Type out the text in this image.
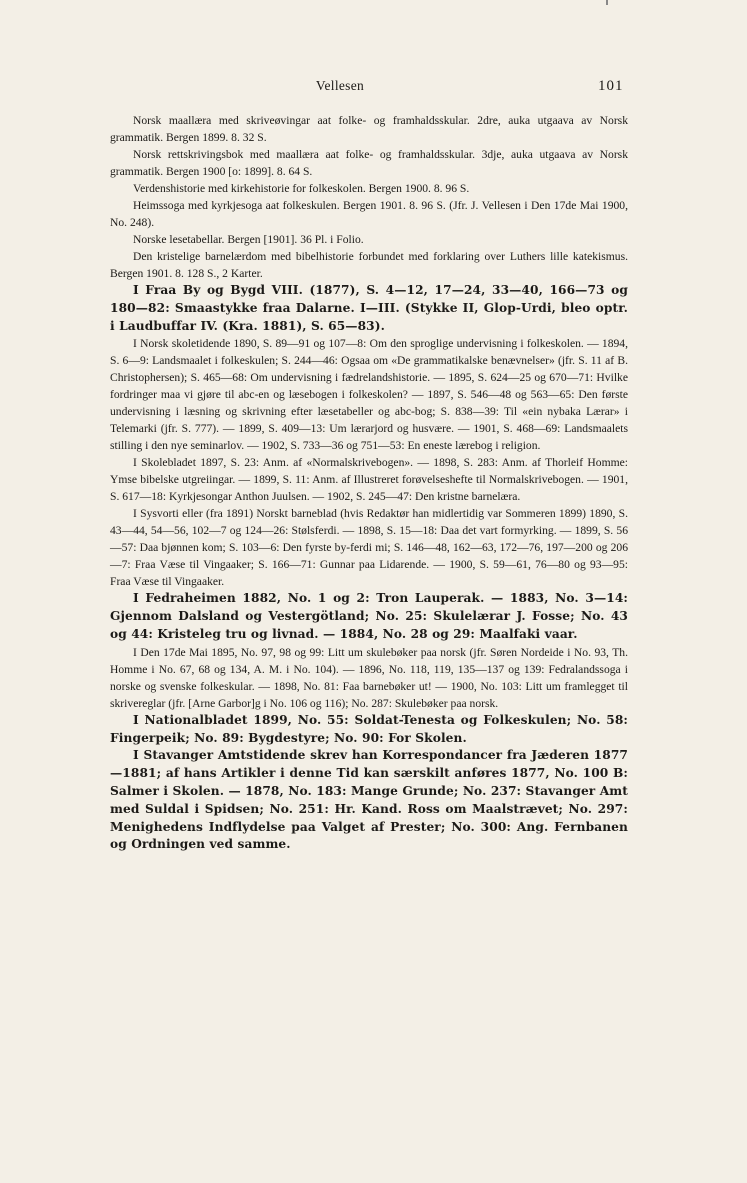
Vellesen	101

Norsk maallæra med skriveøvingar aat folke- og framhaldsskular. 2dre, auka utgaava av Norsk grammatik. Bergen 1899. 8. 32 S.

Norsk rettskrivingsbok med maallæra aat folke- og framhaldsskular. 3dje, auka utgaava av Norsk grammatik. Bergen 1900 [o: 1899]. 8. 64 S.

Verdenshistorie med kirkehistorie for folkeskolen. Bergen 1900. 8. 96 S.

Heimssoga med kyrkjesoga aat folkeskulen. Bergen 1901. 8. 96 S. (Jfr. J. Vellesen i Den 17de Mai 1900, No. 248).

Norske lesetabellar. Bergen [1901]. 36 Pl. i Folio.

Den kristelige barnelærdom med bibelhistorie forbundet med forklaring over Luthers lille katekismus. Bergen 1901. 8. 128 S., 2 Karter.

I Fraa By og Bygd VIII. (1877), S. 4—12, 17—24, 33—40, 166—73 og 180—82: Smaastykke fraa Dalarne. I—III. (Stykke II, Glop-Urdi, bleo optr. i Laudbuffar IV. (Kra. 1881), S. 65—83).

I Norsk skoletidende 1890, S. 89—91 og 107—8: Om den sproglige undervisning i folkeskolen. — 1894, S. 6—9: Landsmaalet i folkeskulen; S. 244—46: Ogsaa om «De grammatikalske benævnelser» (jfr. S. 11 af B. Christophersen); S. 465—68: Om undervisning i fædrelandshistorie. — 1895, S. 624—25 og 670—71: Hvilke fordringer maa vi gjøre til abc-en og læsebogen i folkeskolen? — 1897, S. 546—48 og 563—65: Den første undervisning i læsning og skrivning efter læsetabeller og abc-bog; S. 838—39: Til «ein nybaka Lærar» i Telemarki (jfr. S. 777). — 1899, S. 409—13: Um lærarjord og husvære. — 1901, S. 468—69: Landsmaalets stilling i den nye seminarlov. — 1902, S. 733—36 og 751—53: En eneste lærebog i religion.

I Skolebladet 1897, S. 23: Anm. af «Normalskrivebogen». — 1898, S. 283: Anm. af Thorleif Homme: Ymse bibelske utgreiingar. — 1899, S. 11: Anm. af Illustreret forøvelseshefte til Normalskrivebogen. — 1901, S. 617—18: Kyrkjesongar Anthon Juulsen. — 1902, S. 245—47: Den kristne barnelæra.

I Sysvorti eller (fra 1891) Norskt barneblad (hvis Redaktør han midlertidig var Sommeren 1899) 1890, S. 43—44, 54—56, 102—7 og 124—26: Stølsferdi. — 1898, S. 15—18: Daa det vart formyrking. — 1899, S. 56—57: Daa bjønnen kom; S. 103—6: Den fyrste by-ferdi mi; S. 146—48, 162—63, 172—76, 197—200 og 206—7: Fraa Væse til Vingaaker; S. 166—71: Gunnar paa Lidarende. — 1900, S. 59—61, 76—80 og 93—95: Fraa Væse til Vingaaker.

I Fedraheimen 1882, No. 1 og 2: Tron Lauperak. — 1883, No. 3—14: Gjennom Dalsland og Vestergötland; No. 25: Skulelærar J. Fosse; No. 43 og 44: Kristeleg tru og livnad. — 1884, No. 28 og 29: Maalfaki vaar.

I Den 17de Mai 1895, No. 97, 98 og 99: Litt um skulebøker paa norsk (jfr. Søren Nordeide i No. 93, Th. Homme i No. 67, 68 og 134, A. M. i No. 104). — 1896, No. 118, 119, 135—137 og 139: Fedralandssoga i norske og svenske folkeskular. — 1898, No. 81: Faa barnebøker ut! — 1900, No. 103: Litt um framlegget til skrivereglar (jfr. [Arne Garbor]g i No. 106 og 116); No. 287: Skulebøker paa norsk.

I Nationalbladet 1899, No. 55: Soldat-Tenesta og Folkeskulen; No. 58: Fingerpeik; No. 89: Bygdestyre; No. 90: For Skolen.

I Stavanger Amtstidende skrev han Korrespondancer fra Jæderen 1877—1881; af hans Artikler i denne Tid kan særskilt anføres 1877, No. 100 B: Salmer i Skolen. — 1878, No. 183: Mange Grunde; No. 237: Stavanger Amt med Suldal i Spidsen; No. 251: Hr. Kand. Ross om Maalstrævet; No. 297: Menighedens Indflydelse paa Valget af Prester; No. 300: Ang. Fernbanen og Ordningen ved samme.
